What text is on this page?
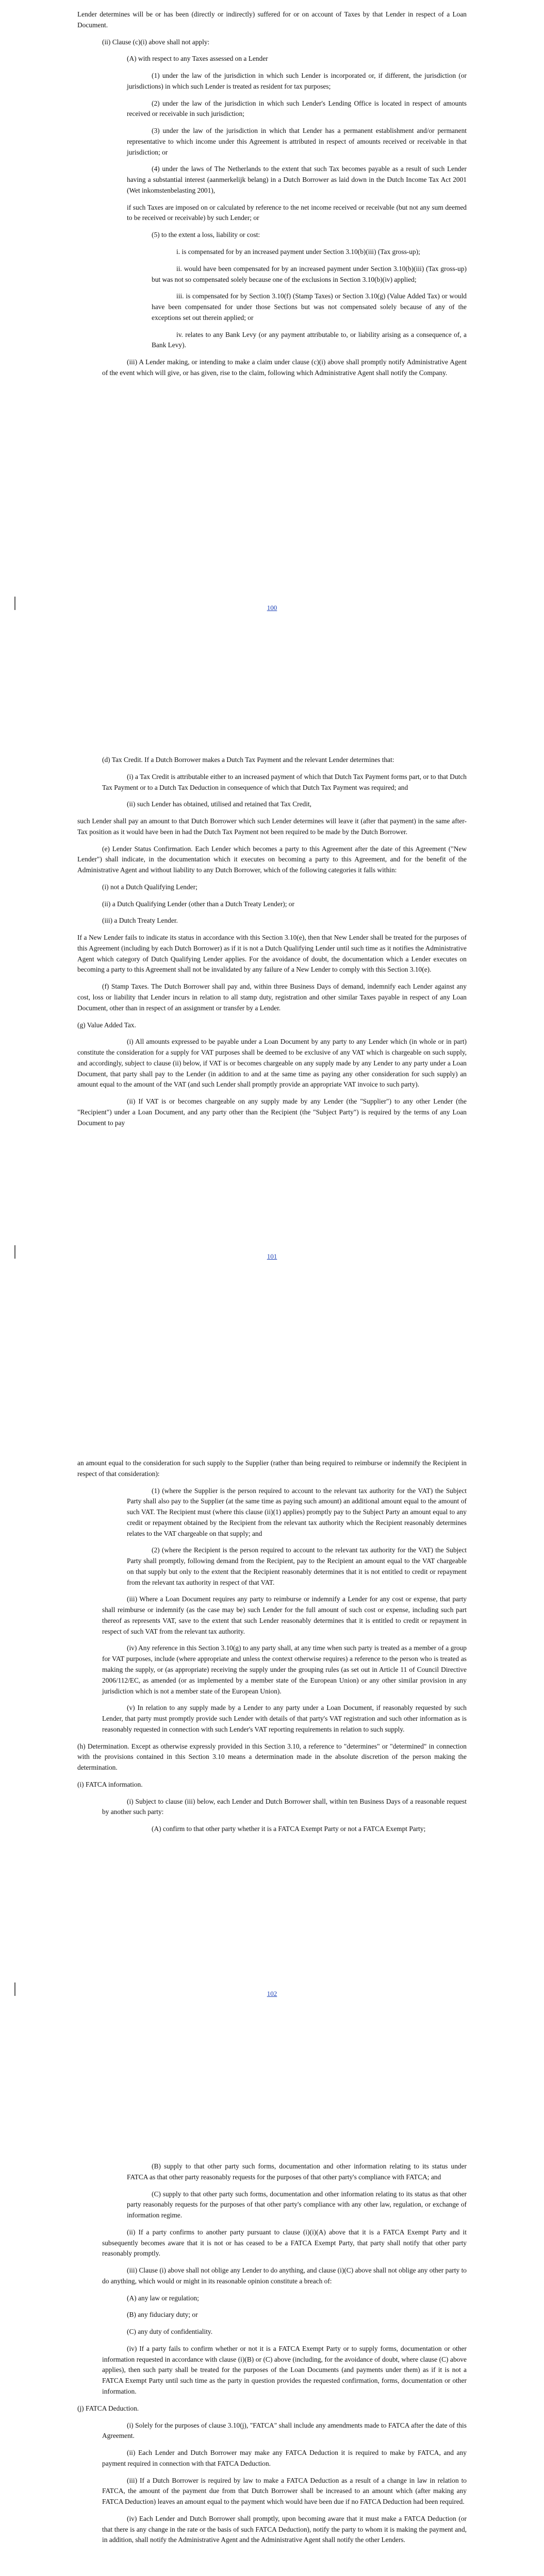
Lender determines will be or has been (directly or indirectly) suffered for or on account of Taxes by that Lender in respect of a Loan Document.

(ii) Clause (c)(i) above shall not apply:

(A) with respect to any Taxes assessed on a Lender

(1) under the law of the jurisdiction in which such Lender is incorporated or, if different, the jurisdiction (or jurisdictions) in which such Lender is treated as resident for tax purposes;

(2) under the law of the jurisdiction in which such Lender's Lending Office is located in respect of amounts received or receivable in such jurisdiction;

(3) under the law of the jurisdiction in which that Lender has a permanent establishment and/or permanent representative to which income under this Agreement is attributed in respect of amounts received or receivable in that jurisdiction; or

(4) under the laws of The Netherlands to the extent that such Tax becomes payable as a result of such Lender having a substantial interest (aanmerkelijk belang) in a Dutch Borrower as laid down in the Dutch Income Tax Act 2001 (Wet inkomstenbelasting 2001),

if such Taxes are imposed on or calculated by reference to the net income received or receivable (but not any sum deemed to be received or receivable) by such Lender; or

(5) to the extent a loss, liability or cost:

i. is compensated for by an increased payment under Section 3.10(b)(iii) (Tax gross-up);

ii. would have been compensated for by an increased payment under Section 3.10(b)(iii) (Tax gross-up) but was not so compensated solely because one of the exclusions in Section 3.10(b)(iv) applied;

iii. is compensated for by Section 3.10(f) (Stamp Taxes) or Section 3.10(g) (Value Added Tax) or would have been compensated for under those Sections but was not compensated solely because of any of the exceptions set out therein applied; or

iv. relates to any Bank Levy (or any payment attributable to, or liability arising as a consequence of, a Bank Levy).

(iii) A Lender making, or intending to make a claim under clause (c)(i) above shall promptly notify Administrative Agent of the event which will give, or has given, rise to the claim, following which Administrative Agent shall notify the Company.

100

(d) Tax Credit. If a Dutch Borrower makes a Dutch Tax Payment and the relevant Lender determines that:

(i) a Tax Credit is attributable either to an increased payment of which that Dutch Tax Payment forms part, or to that Dutch Tax Payment or to a Dutch Tax Deduction in consequence of which that Dutch Tax Payment was required; and

(ii) such Lender has obtained, utilised and retained that Tax Credit,

such Lender shall pay an amount to that Dutch Borrower which such Lender determines will leave it (after that payment) in the same after-Tax position as it would have been in had the Dutch Tax Payment not been required to be made by the Dutch Borrower.

(e) Lender Status Confirmation. Each Lender which becomes a party to this Agreement after the date of this Agreement ("New Lender") shall indicate, in the documentation which it executes on becoming a party to this Agreement, and for the benefit of the Administrative Agent and without liability to any Dutch Borrower, which of the following categories it falls within:

(i) not a Dutch Qualifying Lender;

(ii) a Dutch Qualifying Lender (other than a Dutch Treaty Lender); or

(iii) a Dutch Treaty Lender.

If a New Lender fails to indicate its status in accordance with this Section 3.10(e), then that New Lender shall be treated for the purposes of this Agreement (including by each Dutch Borrower) as if it is not a Dutch Qualifying Lender until such time as it notifies the Administrative Agent which category of Dutch Qualifying Lender applies. For the avoidance of doubt, the documentation which a Lender executes on becoming a party to this Agreement shall not be invalidated by any failure of a New Lender to comply with this Section 3.10(e).

(f) Stamp Taxes. The Dutch Borrower shall pay and, within three Business Days of demand, indemnify each Lender against any cost, loss or liability that Lender incurs in relation to all stamp duty, registration and other similar Taxes payable in respect of any Loan Document, other than in respect of an assignment or transfer by a Lender.

(g) Value Added Tax.

(i) All amounts expressed to be payable under a Loan Document by any party to any Lender which (in whole or in part) constitute the consideration for a supply for VAT purposes shall be deemed to be exclusive of any VAT which is chargeable on such supply, and accordingly, subject to clause (ii) below, if VAT is or becomes chargeable on any supply made by any Lender to any party under a Loan Document, that party shall pay to the Lender (in addition to and at the same time as paying any other consideration for such supply) an amount equal to the amount of the VAT (and such Lender shall promptly provide an appropriate VAT invoice to such party).

(ii) If VAT is or becomes chargeable on any supply made by any Lender (the "Supplier") to any other Lender (the "Recipient") under a Loan Document, and any party other than the Recipient (the "Subject Party") is required by the terms of any Loan Document to pay

101

an amount equal to the consideration for such supply to the Supplier (rather than being required to reimburse or indemnify the Recipient in respect of that consideration):

(1) (where the Supplier is the person required to account to the relevant tax authority for the VAT) the Subject Party shall also pay to the Supplier (at the same time as paying such amount) an additional amount equal to the amount of such VAT. The Recipient must (where this clause (ii)(1) applies) promptly pay to the Subject Party an amount equal to any credit or repayment obtained by the Recipient from the relevant tax authority which the Recipient reasonably determines relates to the VAT chargeable on that supply; and

(2) (where the Recipient is the person required to account to the relevant tax authority for the VAT) the Subject Party shall promptly, following demand from the Recipient, pay to the Recipient an amount equal to the VAT chargeable on that supply but only to the extent that the Recipient reasonably determines that it is not entitled to credit or repayment from the relevant tax authority in respect of that VAT.

(iii) Where a Loan Document requires any party to reimburse or indemnify a Lender for any cost or expense, that party shall reimburse or indemnify (as the case may be) such Lender for the full amount of such cost or expense, including such part thereof as represents VAT, save to the extent that such Lender reasonably determines that it is entitled to credit or repayment in respect of such VAT from the relevant tax authority.

(iv) Any reference in this Section 3.10(g) to any party shall, at any time when such party is treated as a member of a group for VAT purposes, include (where appropriate and unless the context otherwise requires) a reference to the person who is treated as making the supply, or (as appropriate) receiving the supply under the grouping rules (as set out in Article 11 of Council Directive 2006/112/EC, as amended (or as implemented by a member state of the European Union) or any other similar provision in any jurisdiction which is not a member state of the European Union).

(v) In relation to any supply made by a Lender to any party under a Loan Document, if reasonably requested by such Lender, that party must promptly provide such Lender with details of that party's VAT registration and such other information as is reasonably requested in connection with such Lender's VAT reporting requirements in relation to such supply.

(h) Determination. Except as otherwise expressly provided in this Section 3.10, a reference to "determines" or "determined" in connection with the provisions contained in this Section 3.10 means a determination made in the absolute discretion of the person making the determination.

(i) FATCA information.

(i) Subject to clause (iii) below, each Lender and Dutch Borrower shall, within ten Business Days of a reasonable request by another such party:

(A) confirm to that other party whether it is a FATCA Exempt Party or not a FATCA Exempt Party;

102

(B) supply to that other party such forms, documentation and other information relating to its status under FATCA as that other party reasonably requests for the purposes of that other party's compliance with FATCA; and

(C) supply to that other party such forms, documentation and other information relating to its status as that other party reasonably requests for the purposes of that other party's compliance with any other law, regulation, or exchange of information regime.

(ii) If a party confirms to another party pursuant to clause (i)(i)(A) above that it is a FATCA Exempt Party and it subsequently becomes aware that it is not or has ceased to be a FATCA Exempt Party, that party shall notify that other party reasonably promptly.

(iii) Clause (i) above shall not oblige any Lender to do anything, and clause (i)(C) above shall not oblige any other party to do anything, which would or might in its reasonable opinion constitute a breach of:

(A) any law or regulation;

(B) any fiduciary duty; or

(C) any duty of confidentiality.

(iv) If a party fails to confirm whether or not it is a FATCA Exempt Party or to supply forms, documentation or other information requested in accordance with clause (i)(B) or (C) above (including, for the avoidance of doubt, where clause (C) above applies), then such party shall be treated for the purposes of the Loan Documents (and payments under them) as if it is not a FATCA Exempt Party until such time as the party in question provides the requested confirmation, forms, documentation or other information.

(j) FATCA Deduction.

(i) Solely for the purposes of clause 3.10(j), "FATCA" shall include any amendments made to FATCA after the date of this Agreement.

(ii) Each Lender and Dutch Borrower may make any FATCA Deduction it is required to make by FATCA, and any payment required in connection with that FATCA Deduction.

(iii) If a Dutch Borrower is required by law to make a FATCA Deduction as a result of a change in law in relation to FATCA, the amount of the payment due from that Dutch Borrower shall be increased to an amount which (after making any FATCA Deduction) leaves an amount equal to the payment which would have been due if no FATCA Deduction had been required.

(iv) Each Lender and Dutch Borrower shall promptly, upon becoming aware that it must make a FATCA Deduction (or that there is any change in the rate or the basis of such FATCA Deduction), notify the party to whom it is making the payment and, in addition, shall notify the Administrative Agent and the Administrative Agent shall notify the other Lenders.
